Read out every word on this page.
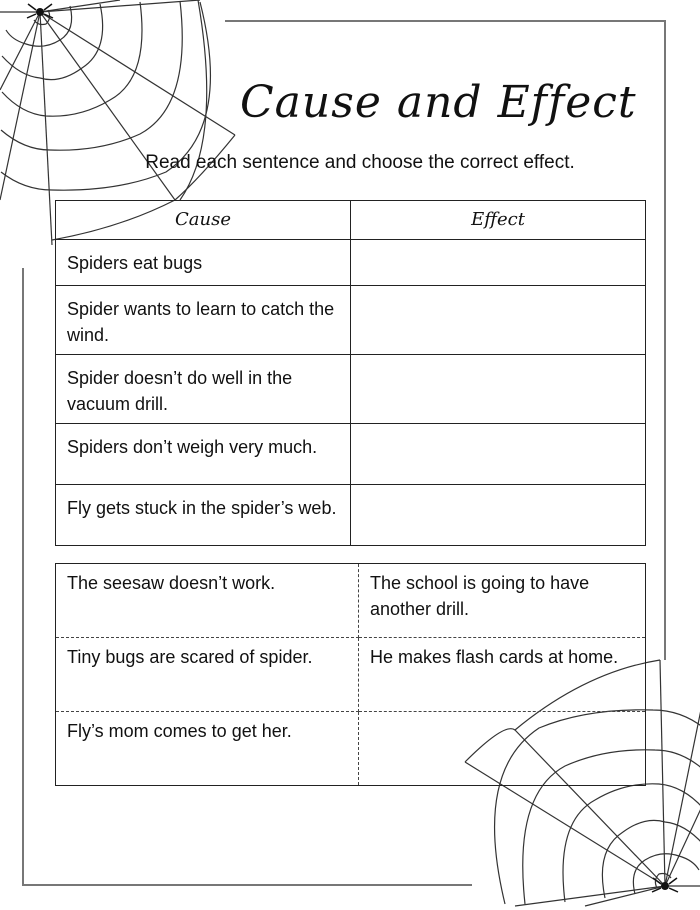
Cause and Effect
Read each sentence and choose the correct effect.
Cause	Effect
Spiders eat bugs	
Spider wants to learn to catch the wind.	
Spider doesn’t do well in the vacuum drill.	
Spiders don’t weigh very much.	
Fly gets stuck in the spider’s web.	
The seesaw doesn’t work.	The school is going to have another drill.
Tiny bugs are scared of spider.	He makes flash cards at home.
Fly’s mom comes to get her.	
